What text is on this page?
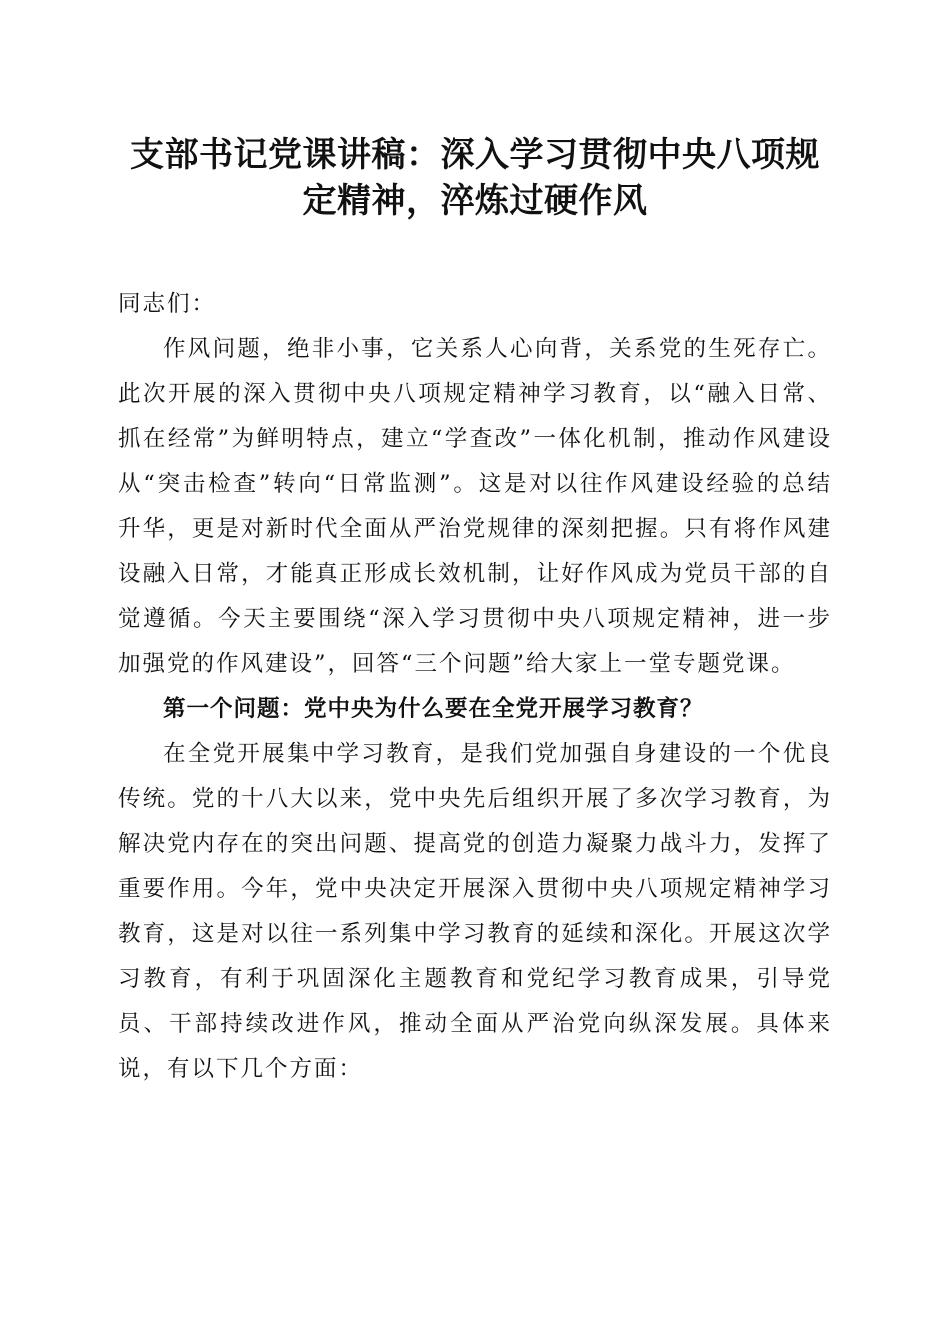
支部书记党课讲稿：深入学习贯彻中央八项规
定精神，淬炼过硬作风

同志们：

作风问题，绝非小事，它关系人心向背，关系党的生死存亡。此次开展的深入贯彻中央八项规定精神学习教育，以“融入日常、抓在经常”为鲜明特点，建立“学查改”一体化机制，推动作风建设从“突击检查”转向“日常监测”。这是对以往作风建设经验的总结升华，更是对新时代全面从严治党规律的深刻把握。只有将作风建设融入日常，才能真正形成长效机制，让好作风成为党员干部的自觉遵循。今天主要围绕“深入学习贯彻中央八项规定精神，进一步加强党的作风建设”，回答“三个问题”给大家上一堂专题党课。

第一个问题：党中央为什么要在全党开展学习教育？

在全党开展集中学习教育，是我们党加强自身建设的一个优良传统。党的十八大以来，党中央先后组织开展了多次学习教育，为解决党内存在的突出问题、提高党的创造力凝聚力战斗力，发挥了重要作用。今年，党中央决定开展深入贯彻中央八项规定精神学习教育，这是对以往一系列集中学习教育的延续和深化。开展这次学习教育，有利于巩固深化主题教育和党纪学习教育成果，引导党员、干部持续改进作风，推动全面从严治党向纵深发展。具体来说，有以下几个方面：
